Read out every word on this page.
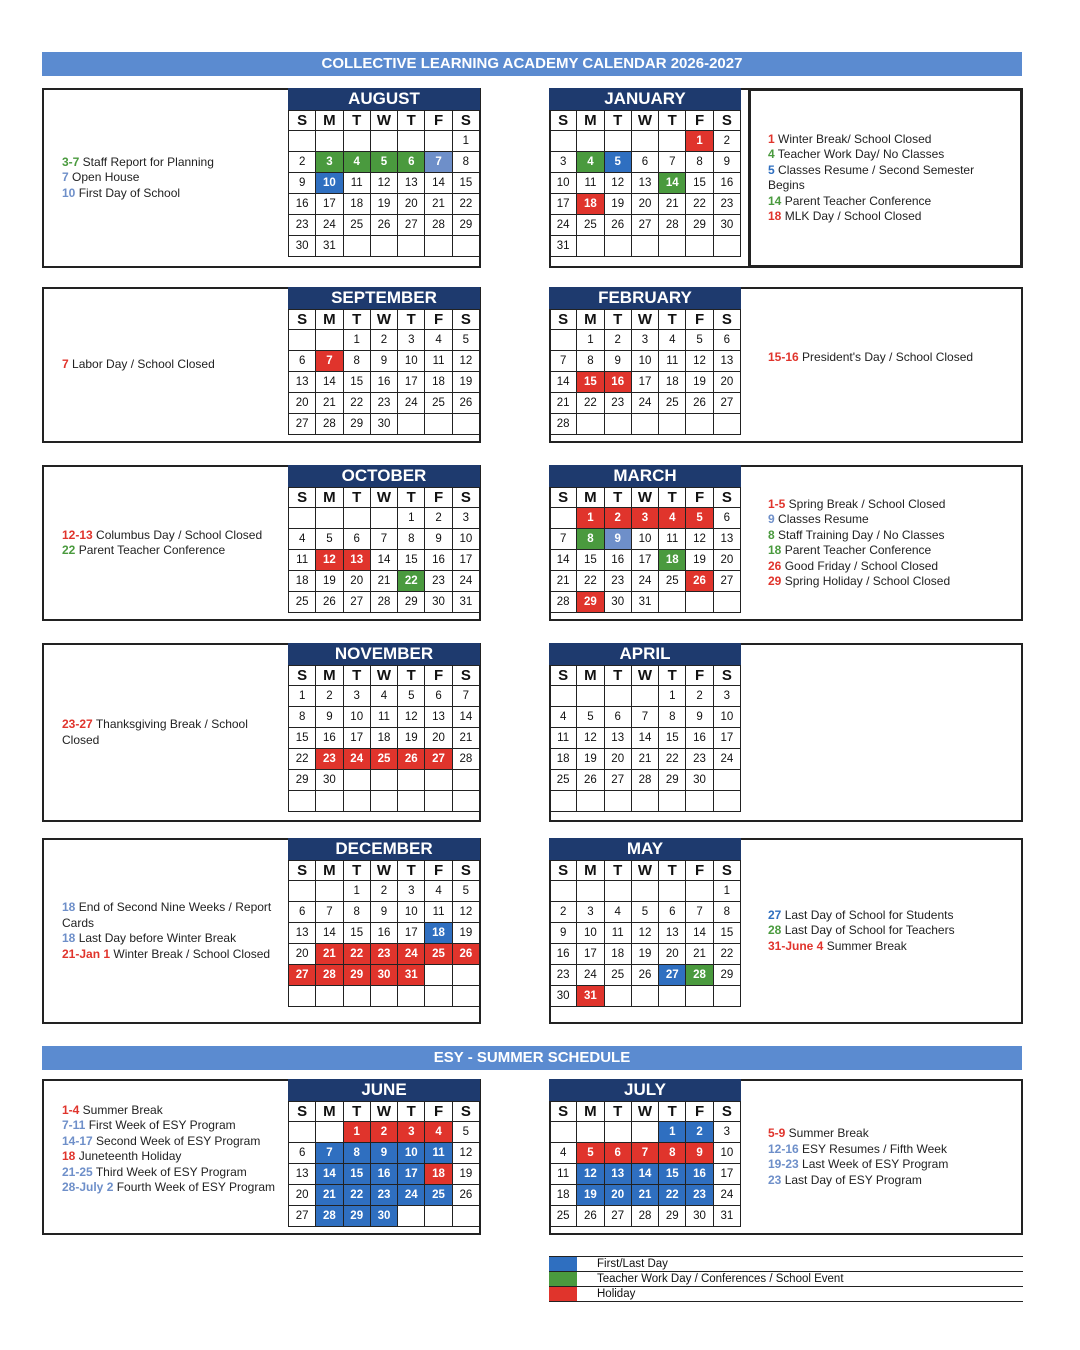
COLLECTIVE LEARNING ACADEMY CALENDAR 2026-2027
ESY - SUMMER SCHEDULE
AUGUST
S	M	T	W	T	F	S
						1
2	3	4	5	6	7	8
9	10	11	12	13	14	15
16	17	18	19	20	21	22
23	24	25	26	27	28	29
30	31					
JANUARY
S	M	T	W	T	F	S
					1	2
3	4	5	6	7	8	9
10	11	12	13	14	15	16
17	18	19	20	21	22	23
24	25	26	27	28	29	30
31						
3-7 Staff Report for Planning
7 Open House
10 First Day of School
1 Winter Break/ School Closed
4 Teacher Work Day/ No Classes
5 Classes Resume / Second Semester Begins
14 Parent Teacher Conference
18 MLK Day / School Closed
SEPTEMBER
S	M	T	W	T	F	S
		1	2	3	4	5
6	7	8	9	10	11	12
13	14	15	16	17	18	19
20	21	22	23	24	25	26
27	28	29	30			
FEBRUARY
S	M	T	W	T	F	S
	1	2	3	4	5	6
7	8	9	10	11	12	13
14	15	16	17	18	19	20
21	22	23	24	25	26	27
28						
7 Labor Day / School Closed
15-16 President's Day / School Closed
OCTOBER
S	M	T	W	T	F	S
				1	2	3
4	5	6	7	8	9	10
11	12	13	14	15	16	17
18	19	20	21	22	23	24
25	26	27	28	29	30	31
MARCH
S	M	T	W	T	F	S
	1	2	3	4	5	6
7	8	9	10	11	12	13
14	15	16	17	18	19	20
21	22	23	24	25	26	27
28	29	30	31			
12-13 Columbus Day / School Closed
22 Parent Teacher Conference
1-5 Spring Break / School Closed
9 Classes Resume
8 Staff Training Day / No Classes
18 Parent Teacher Conference
26 Good Friday / School Closed
29 Spring Holiday / School Closed
NOVEMBER
S	M	T	W	T	F	S
1	2	3	4	5	6	7
8	9	10	11	12	13	14
15	16	17	18	19	20	21
22	23	24	25	26	27	28
29	30					

APRIL
S	M	T	W	T	F	S
				1	2	3
4	5	6	7	8	9	10
11	12	13	14	15	16	17
18	19	20	21	22	23	24
25	26	27	28	29	30	

23-27 Thanksgiving Break / School Closed
DECEMBER
S	M	T	W	T	F	S
		1	2	3	4	5
6	7	8	9	10	11	12
13	14	15	16	17	18	19
20	21	22	23	24	25	26
27	28	29	30	31		

MAY
S	M	T	W	T	F	S
						1
2	3	4	5	6	7	8
9	10	11	12	13	14	15
16	17	18	19	20	21	22
23	24	25	26	27	28	29
30	31					
18 End of Second Nine Weeks / Report Cards
18 Last Day before Winter Break
21-Jan 1 Winter Break / School Closed
27 Last Day of School for Students
28 Last Day of School for Teachers
31-June 4 Summer Break
JUNE
S	M	T	W	T	F	S
		1	2	3	4	5
6	7	8	9	10	11	12
13	14	15	16	17	18	19
20	21	22	23	24	25	26
27	28	29	30			
JULY
S	M	T	W	T	F	S
				1	2	3
4	5	6	7	8	9	10
11	12	13	14	15	16	17
18	19	20	21	22	23	24
25	26	27	28	29	30	31
1-4 Summer Break
7-11 First Week of ESY Program
14-17 Second Week of ESY Program
18 Juneteenth Holiday
21-25 Third Week of ESY Program
28-July 2 Fourth Week of ESY Program
5-9 Summer Break
12-16 ESY Resumes / Fifth Week
19-23 Last Week of ESY Program
23 Last Day of ESY Program
First/Last Day
Teacher Work Day / Conferences / School Event
Holiday
